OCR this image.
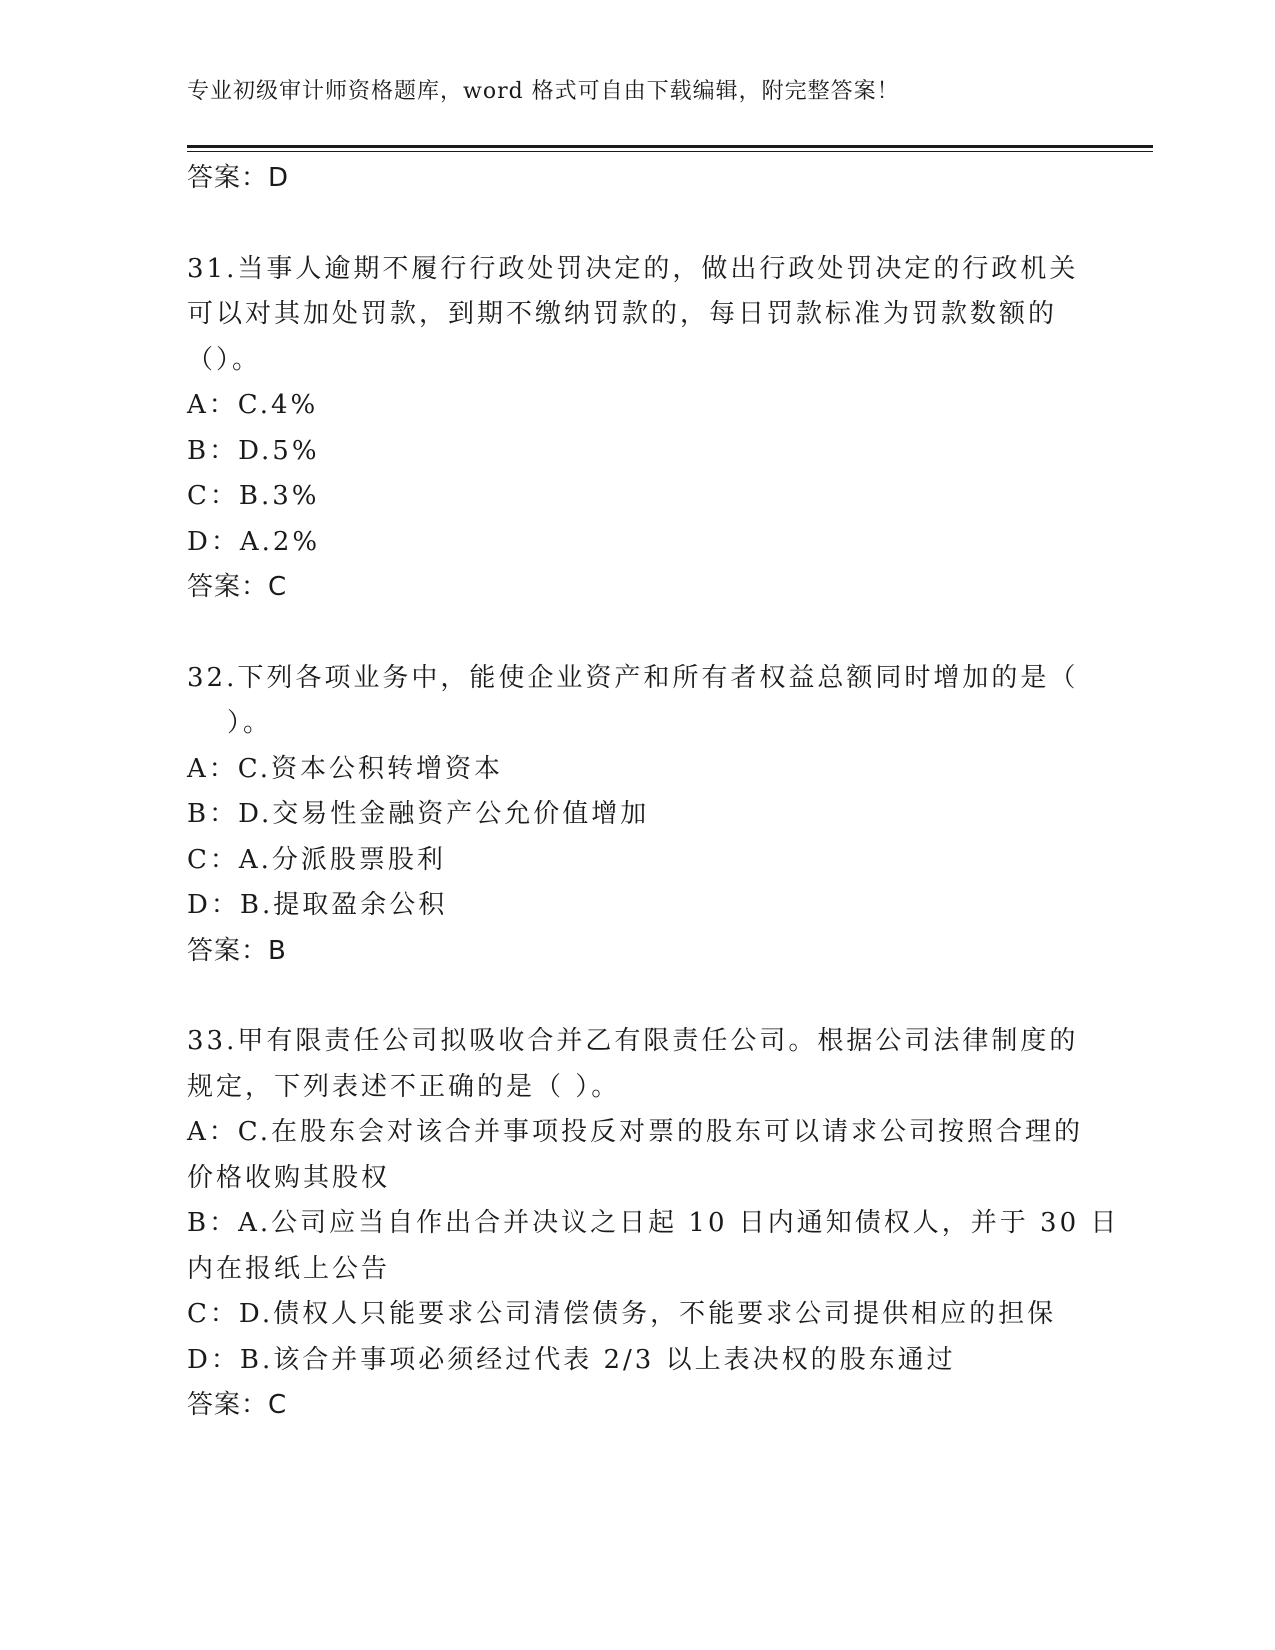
专业初级审计师资格题库，word 格式可自由下载编辑，附完整答案！
答案：D
31.当事人逾期不履行行政处罚决定的，做出行政处罚决定的行政机关
可以对其加处罚款，到期不缴纳罚款的，每日罚款标准为罚款数额的
（）。
A：C.4%
B：D.5%
C：B.3%
D：A.2%
答案：C
32.下列各项业务中，能使企业资产和所有者权益总额同时增加的是（
）。
A：C.资本公积转增资本
B：D.交易性金融资产公允价值增加
C：A.分派股票股利
D：B.提取盈余公积
答案：B
33.甲有限责任公司拟吸收合并乙有限责任公司。根据公司法律制度的
规定，下列表述不正确的是（ ）。
A：C.在股东会对该合并事项投反对票的股东可以请求公司按照合理的
价格收购其股权
B：A.公司应当自作出合并决议之日起 10 日内通知债权人，并于 30 日
内在报纸上公告
C：D.债权人只能要求公司清偿债务，不能要求公司提供相应的担保
D：B.该合并事项必须经过代表 2/3 以上表决权的股东通过
答案：C
